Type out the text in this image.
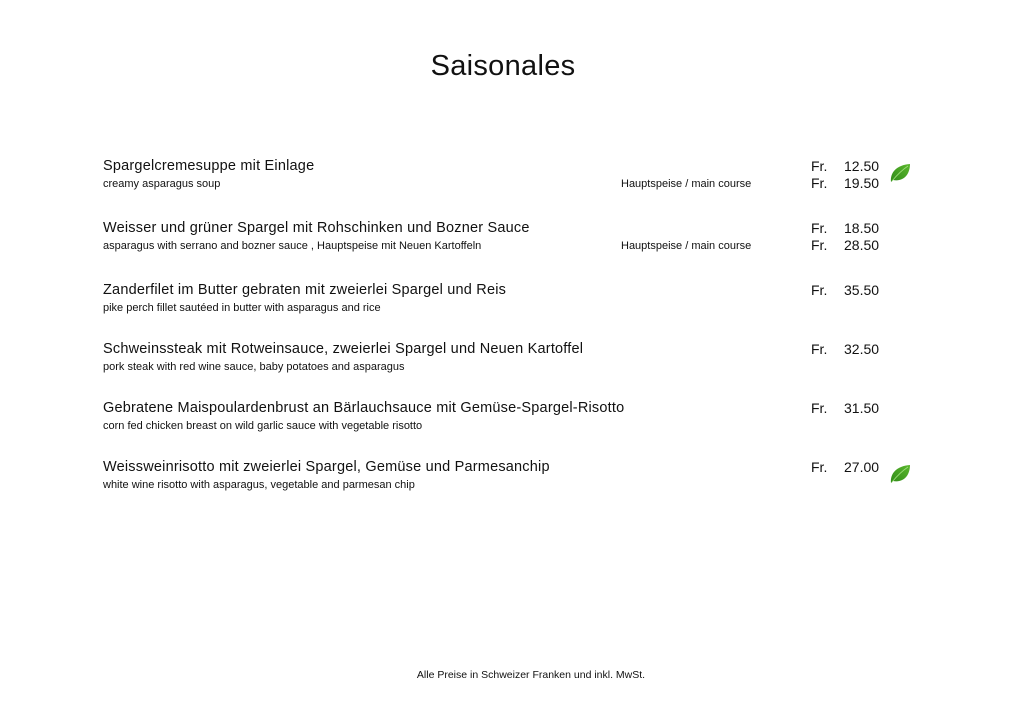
Saisonales
Spargelcremesuppe mit Einlage
creamy asparagus soup	Hauptspeise / main course
Fr. 12.50
Fr. 19.50
Weisser und grüner Spargel mit Rohschinken und Bozner Sauce
asparagus with serrano and bozner sauce , Hauptspeise mit Neuen Kartoffeln	Hauptspeise / main course
Fr. 18.50
Fr. 28.50
Zanderfilet im Butter gebraten mit zweierlei Spargel und Reis
pike perch fillet sautéed in butter with asparagus and rice
Fr. 35.50
Schweinssteak mit Rotweinsauce, zweierlei Spargel und Neuen Kartoffel
pork steak with red wine sauce, baby potatoes and asparagus
Fr. 32.50
Gebratene Maispoulardenbrust an Bärlauchsauce mit Gemüse-Spargel-Risotto
corn fed chicken breast on wild garlic sauce with vegetable risotto
Fr. 31.50
Weissweinrisotto mit zweierlei Spargel, Gemüse und Parmesanchip
white wine risotto with asparagus, vegetable and parmesan chip
Fr. 27.00
Alle Preise in Schweizer Franken und inkl. MwSt.
